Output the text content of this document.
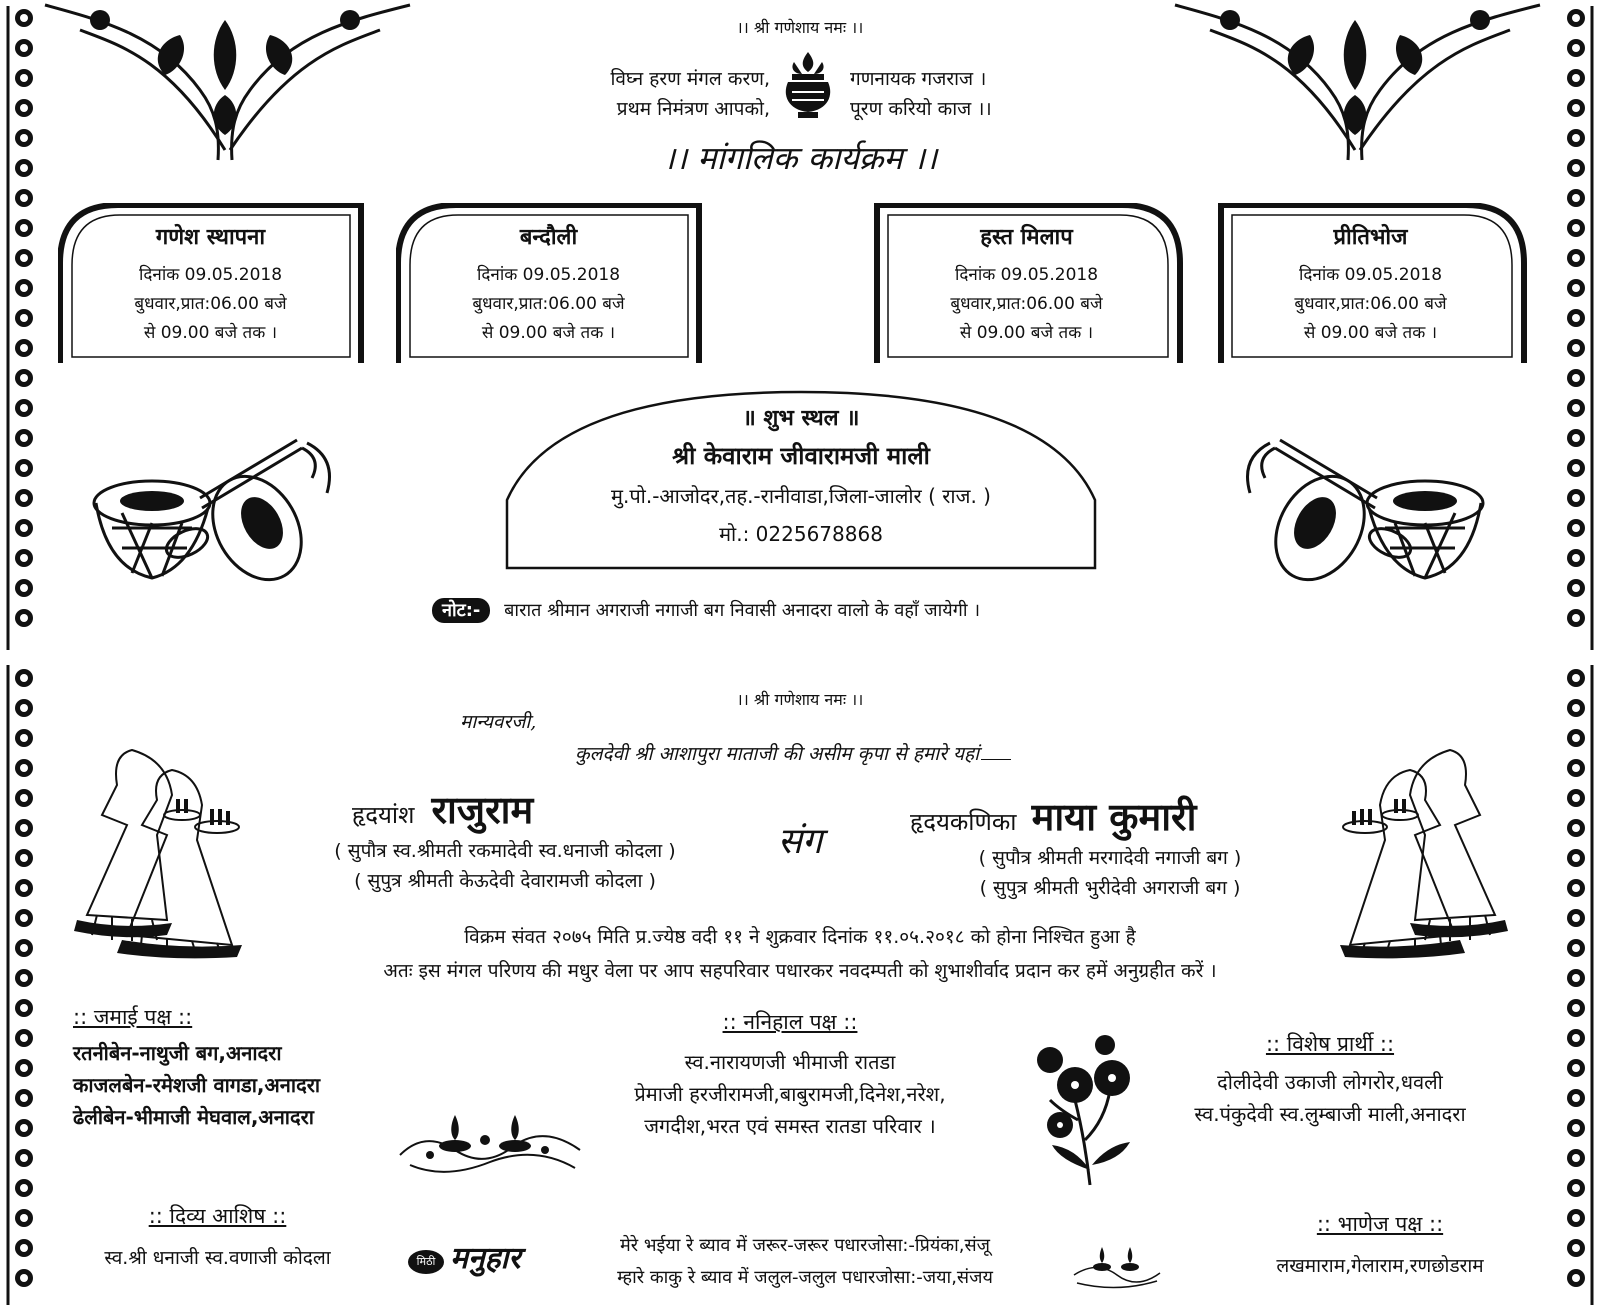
।। श्री गणेशाय नमः ।।
विघ्न हरण मंगल करण,
प्रथम निमंत्रण आपको,
गणनायक गजराज ।
पूरण करियो काज ।।
।। मांगलिक कार्यक्रम ।।
गणेश स्थापना
दिनांक 09.05.2018
बुधवार,प्रात:06.00 बजे
से 09.00 बजे तक ।
बन्दौली
दिनांक 09.05.2018
बुधवार,प्रात:06.00 बजे
से 09.00 बजे तक ।
हस्त मिलाप
दिनांक 09.05.2018
बुधवार,प्रात:06.00 बजे
से 09.00 बजे तक ।
प्रीतिभोज
दिनांक 09.05.2018
बुधवार,प्रात:06.00 बजे
से 09.00 बजे तक ।
॥ शुभ स्थल ॥
श्री केवाराम जीवारामजी माली
मु.पो.-आजोदर,तह.-रानीवाडा,जिला-जालोर ( राज. )
मो.: 0225678868
नोट:- बारात श्रीमान अगराजी नगाजी बग निवासी अनादरा वालो के वहाँ जायेगी ।
।। श्री गणेशाय नमः ।।
मान्यवरजी,
कुलदेवी श्री आशापुरा माताजी की असीम कृपा से हमारे यहां
हृदयांश राजुराम
( सुपौत्र स्व.श्रीमती रकमादेवी स्व.धनाजी कोदला )
( सुपुत्र श्रीमती केऊदेवी देवारामजी कोदला )
संग	हृदयकणिका माया कुमारी
( सुपौत्र श्रीमती मरगादेवी नगाजी बग )
( सुपुत्र श्रीमती भुरीदेवी अगराजी बग )
विक्रम संवत २०७५ मिति प्र.ज्येष्ठ वदी ११ ने शुक्रवार दिनांक ११.०५.२०१८ को होना निश्चित हुआ है
अतः इस मंगल परिणय की मधुर वेला पर आप सहपरिवार पधारकर नवदम्पती को शुभाशीर्वाद प्रदान कर हमें अनुग्रहीत करें ।
:: जमाई पक्ष ::
रतनीबेन-नाथुजी बग,अनादरा
काजलबेन-रमेशजी वागडा,अनादरा
ढेलीबेन-भीमाजी मेघवाल,अनादरा
:: ननिहाल पक्ष ::
स्व.नारायणजी भीमाजी रातडा
प्रेमाजी हरजीरामजी,बाबुरामजी,दिनेश,नरेश,
जगदीश,भरत एवं समस्त रातडा परिवार ।
:: विशेष प्रार्थी ::
दोलीदेवी उकाजी लोगरोर,धवली
स्व.पंकुदेवी स्व.लुम्बाजी माली,अनादरा
:: दिव्य आशिष ::
स्व.श्री धनाजी स्व.वणाजी कोदला	मिठी मनुहार	मेरे भईया रे ब्याव में जरूर-जरूर पधारजोसा:-प्रियंका,संजू
म्हारे काकु रे ब्याव में जलुल-जलुल पधारजोसा:-जया,संजय
:: भाणेज पक्ष ::
लखमाराम,गेलाराम,रणछोडराम
